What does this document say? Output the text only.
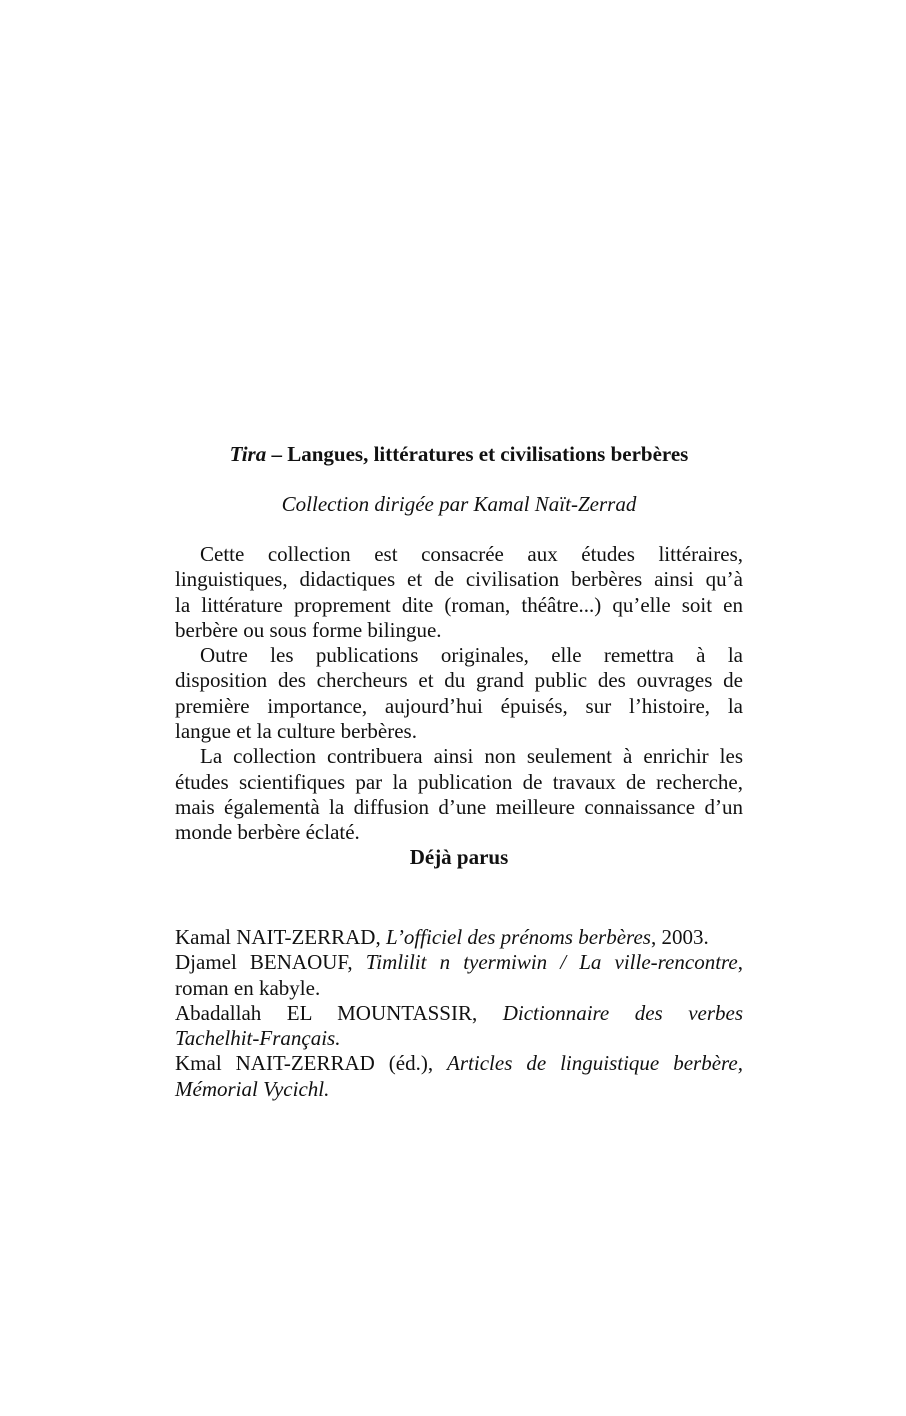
Tira – Langues, littératures et civilisations berbères
Collection dirigée par Kamal Naït-Zerrad
Cette collection est consacrée aux études littéraires,
linguistiques, didactiques et de civilisation berbères ainsi qu’à
la littérature proprement dite (roman, théâtre...) qu’elle soit en
berbère ou sous forme bilingue.
Outre les publications originales, elle remettra à la
disposition des chercheurs et du grand public des ouvrages de
première importance, aujourd’hui épuisés, sur l’histoire, la
langue et la culture berbères.
La collection contribuera ainsi non seulement à enrichir les
études scientifiques par la publication de travaux de recherche,
mais égalementà la diffusion d’une meilleure connaissance d’un
monde berbère éclaté.
Déjà parus
Kamal NAIT-ZERRAD, L’officiel des prénoms berbères, 2003.
Djamel BENAOUF, Timlilit n tyermiwin / La ville-rencontre,
roman en kabyle.
Abadallah EL MOUNTASSIR, Dictionnaire des verbes
Tachelhit-Français.
Kmal NAIT-ZERRAD (éd.), Articles de linguistique berbère,
Mémorial Vycichl.
